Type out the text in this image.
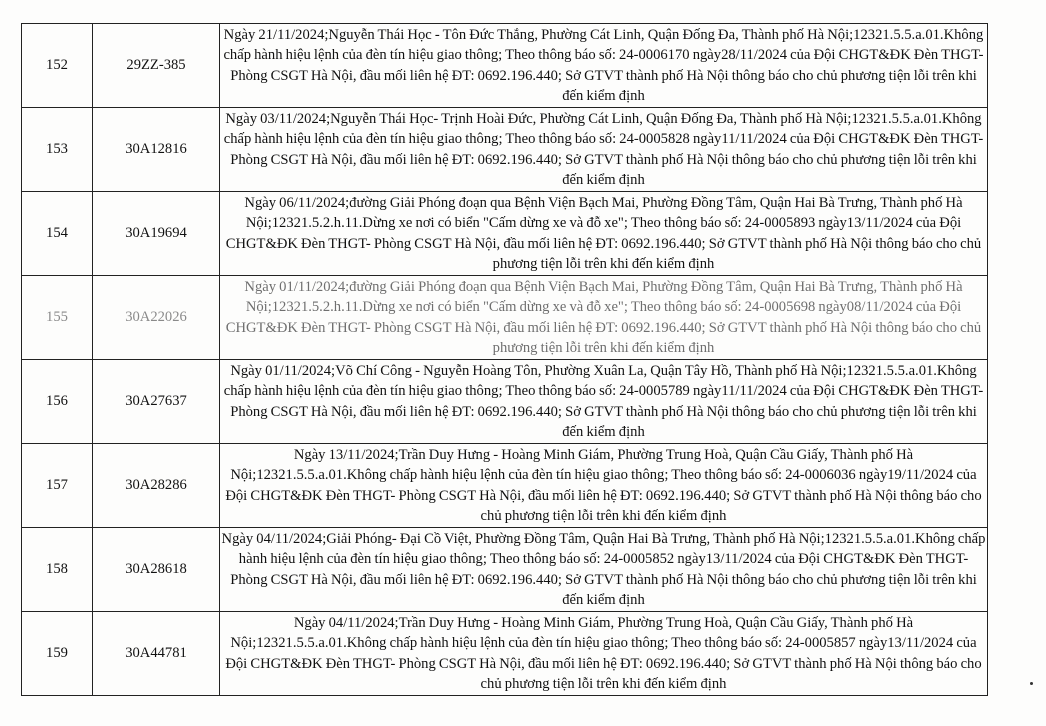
152	29ZZ-385	Ngày 21/11/2024;Nguyễn Thái Học - Tôn Đức Thắng, Phường Cát Linh, Quận Đống Đa, Thành phố Hà Nội;12321.5.5.a.01.Không chấp hành hiệu lệnh của đèn tín hiệu giao thông; Theo thông báo số: 24-0006170 ngày28/11/2024 của Đội CHGT&ĐK Đèn THGT- Phòng CSGT Hà Nội, đầu mối liên hệ ĐT: 0692.196.440; Sở GTVT thành phố Hà Nội thông báo cho chủ phương tiện lỗi trên khi đến kiểm định

153	30A12816	Ngày 03/11/2024;Nguyễn Thái Học- Trịnh Hoài Đức, Phường Cát Linh, Quận Đống Đa, Thành phố Hà Nội;12321.5.5.a.01.Không chấp hành hiệu lệnh của đèn tín hiệu giao thông; Theo thông báo số: 24-0005828 ngày11/11/2024 của Đội CHGT&ĐK Đèn THGT- Phòng CSGT Hà Nội, đầu mối liên hệ ĐT: 0692.196.440; Sở GTVT thành phố Hà Nội thông báo cho chủ phương tiện lỗi trên khi đến kiểm định

154	30A19694	Ngày 06/11/2024;đường Giải Phóng đoạn qua Bệnh Viện Bạch Mai, Phường Đồng Tâm, Quận Hai Bà Trưng, Thành phố Hà Nội;12321.5.2.h.11.Dừng xe nơi có biển "Cấm dừng xe và đỗ xe"; Theo thông báo số: 24-0005893 ngày13/11/2024 của Đội CHGT&ĐK Đèn THGT- Phòng CSGT Hà Nội, đầu mối liên hệ ĐT: 0692.196.440; Sở GTVT thành phố Hà Nội thông báo cho chủ phương tiện lỗi trên khi đến kiểm định

155	30A22026	Ngày 01/11/2024;đường Giải Phóng đoạn qua Bệnh Viện Bạch Mai, Phường Đồng Tâm, Quận Hai Bà Trưng, Thành phố Hà Nội;12321.5.2.h.11.Dừng xe nơi có biển "Cấm dừng xe và đỗ xe"; Theo thông báo số: 24-0005698 ngày08/11/2024 của Đội CHGT&ĐK Đèn THGT- Phòng CSGT Hà Nội, đầu mối liên hệ ĐT: 0692.196.440; Sở GTVT thành phố Hà Nội thông báo cho chủ phương tiện lỗi trên khi đến kiểm định

156	30A27637	Ngày 01/11/2024;Võ Chí Công - Nguyễn Hoàng Tôn, Phường Xuân La, Quận Tây Hồ, Thành phố Hà Nội;12321.5.5.a.01.Không chấp hành hiệu lệnh của đèn tín hiệu giao thông; Theo thông báo số: 24-0005789 ngày11/11/2024 của Đội CHGT&ĐK Đèn THGT- Phòng CSGT Hà Nội, đầu mối liên hệ ĐT: 0692.196.440; Sở GTVT thành phố Hà Nội thông báo cho chủ phương tiện lỗi trên khi đến kiểm định

157	30A28286	Ngày 13/11/2024;Trần Duy Hưng - Hoàng Minh Giám, Phường Trung Hoà, Quận Cầu Giấy, Thành phố Hà Nội;12321.5.5.a.01.Không chấp hành hiệu lệnh của đèn tín hiệu giao thông; Theo thông báo số: 24-0006036 ngày19/11/2024 của Đội CHGT&ĐK Đèn THGT- Phòng CSGT Hà Nội, đầu mối liên hệ ĐT: 0692.196.440; Sở GTVT thành phố Hà Nội thông báo cho chủ phương tiện lỗi trên khi đến kiểm định

158	30A28618	Ngày 04/11/2024;Giải Phóng- Đại Cồ Việt, Phường Đồng Tâm, Quận Hai Bà Trưng, Thành phố Hà Nội;12321.5.5.a.01.Không chấp hành hiệu lệnh của đèn tín hiệu giao thông; Theo thông báo số: 24-0005852 ngày13/11/2024 của Đội CHGT&ĐK Đèn THGT- Phòng CSGT Hà Nội, đầu mối liên hệ ĐT: 0692.196.440; Sở GTVT thành phố Hà Nội thông báo cho chủ phương tiện lỗi trên khi đến kiểm định

159	30A44781	Ngày 04/11/2024;Trần Duy Hưng - Hoàng Minh Giám, Phường Trung Hoà, Quận Cầu Giấy, Thành phố Hà Nội;12321.5.5.a.01.Không chấp hành hiệu lệnh của đèn tín hiệu giao thông; Theo thông báo số: 24-0005857 ngày13/11/2024 của Đội CHGT&ĐK Đèn THGT- Phòng CSGT Hà Nội, đầu mối liên hệ ĐT: 0692.196.440; Sở GTVT thành phố Hà Nội thông báo cho chủ phương tiện lỗi trên khi đến kiểm định
